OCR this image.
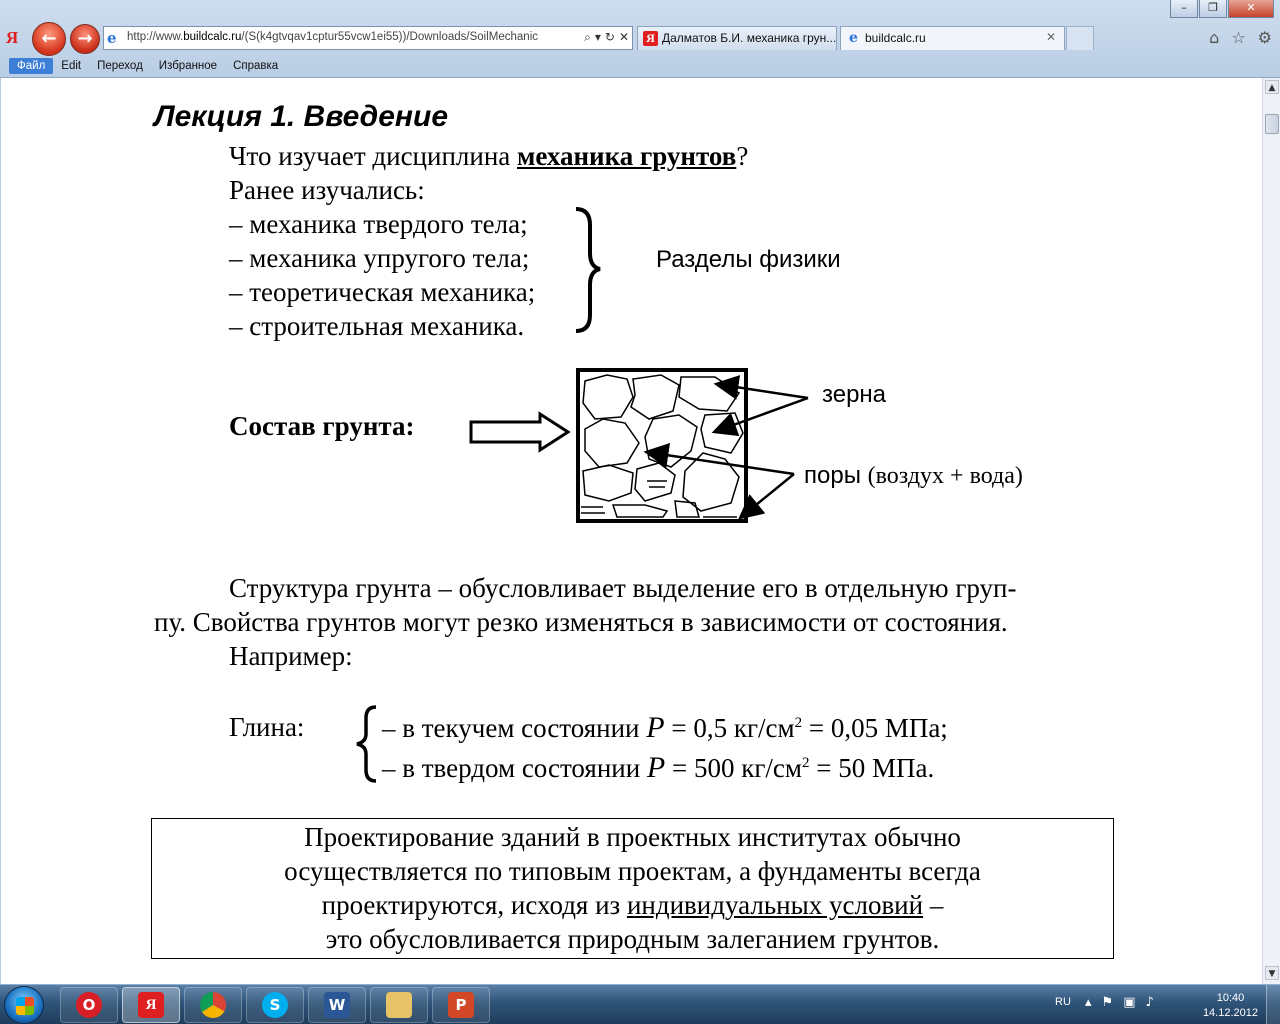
–	❐	✕
Я	←	→ e http://www.buildcalc.ru/(S(k4gtvqav1cptur55vcw1ei55))/Downloads/SoilMechanic	⌕ ▾ ↻ ✕ Я Далматов Б.И. механика грун... e buildcalc.ru	✕	⌂ ☆ ⚙
Файл	Edit	Переход	Избранное	Справка
Лекция 1. Введение
Что изучает дисциплина механика грунтов?
Ранее изучались:
– механика твердого тела;
– механика упругого тела;
– теоретическая механика;
– строительная механика.
Разделы физики
Состав грунта:
зерна
поры (воздух + вода)
Структура грунта – обусловливает выделение его в отдельную груп-
пу. Свойства грунтов могут резко изменяться в зависимости от состояния.
Например:
Глина:	– в текучем состоянии P = 0,5 $кг/см^2 = 0,05$ МПа;
– в твердом состоянии P = 500 $кг/см^2 = 50$ МПа.
Проектирование зданий в проектных институтах обычно
осуществляется по типовым проектам, а фундаменты всегда
проектируются, исходя из индивидуальных условий –
это обусловливается природным залеганием грунтов.
▲
▼
O	Я	S	W	P	RU ▴ ⚑ ▣ ♪	10:40
14.12.2012
